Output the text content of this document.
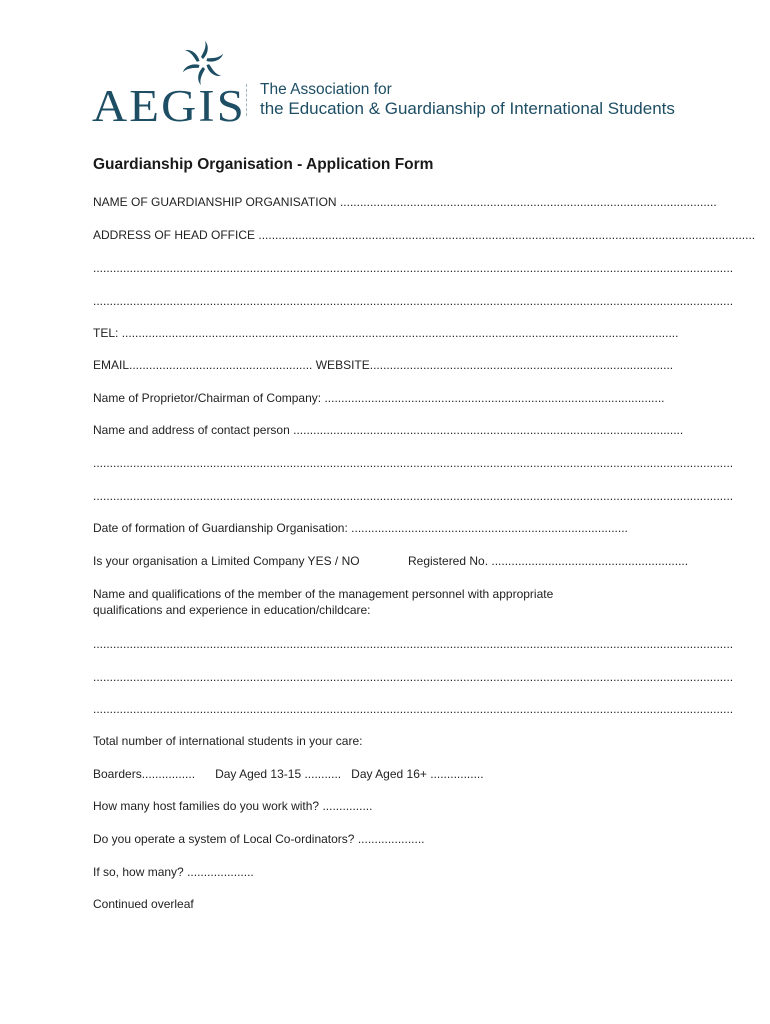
AEGIS The Association for
the Education & Guardianship of International Students
Guardianship Organisation - Application Form
NAME OF GUARDIANSHIP ORGANISATION .................................................................................................................
ADDRESS OF HEAD OFFICE .....................................................................................................................................................
................................................................................................................................................................................................
................................................................................................................................................................................................
TEL: .......................................................................................................................................................................
EMAIL....................................................... WEBSITE...........................................................................................
Name of Proprietor/Chairman of Company: ......................................................................................................
Name and address of contact person .....................................................................................................................
................................................................................................................................................................................................
................................................................................................................................................................................................
Date of formation of Guardianship Organisation: ...................................................................................
Is your organisation a Limited Company YES / NO	Registered No. ...........................................................
Name and qualifications of the member of the management personnel with appropriate
qualifications and experience in education/childcare:
................................................................................................................................................................................................
................................................................................................................................................................................................
................................................................................................................................................................................................
Total number of international students in your care:
Boarders................ Day Aged 13-15 ........... Day Aged 16+ ................
How many host families do you work with? ...............
Do you operate a system of Local Co-ordinators? ....................
If so, how many? ....................
Continued overleaf
